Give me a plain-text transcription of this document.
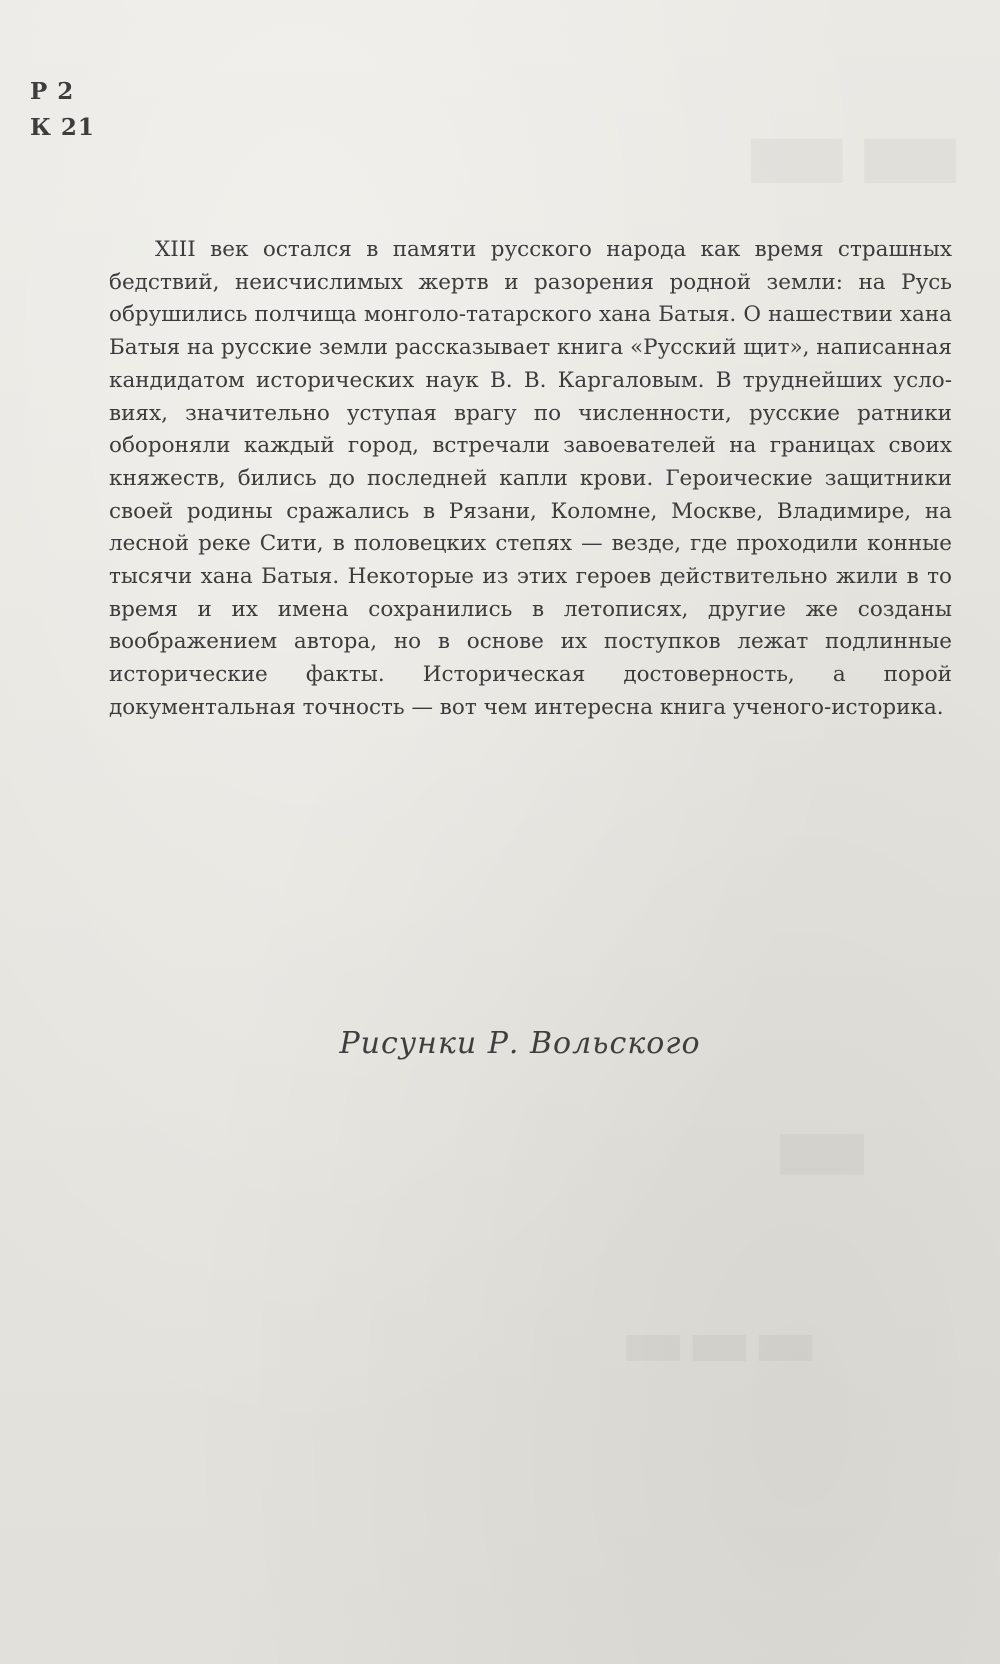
▬▬
▬
▬▬▬
Р 2
К 21

XIII век остался в памяти русского народа как время страшных бедствий, неисчислимых жертв и разорения родной земли: на Русь обрушились полчища монголо-татарского хана Батыя. О нашествии хана Батыя на русские земли рассказывает книга «Русский щит», написанная кандидатом исторических наук В. В. Каргаловым. В труднейших условиях, значительно уступая врагу по численности, русские ратники обороняли каждый город, встречали завоевателей на границах своих княжеств, бились до последней капли крови. Героические защитники своей родины сражались в Рязани, Коломне, Москве, Владимире, на лесной реке Сити, в половецких степях — везде, где проходили конные тысячи хана Батыя. Некоторые из этих героев действительно жили в то время и их имена сохранились в летописях, другие же созданы воображением автора, но в основе их поступков лежат подлинные исторические факты. Историческая достоверность, а порой документальная точность — вот чем интересна книга ученого-историка.

Рисунки Р. Вольского
